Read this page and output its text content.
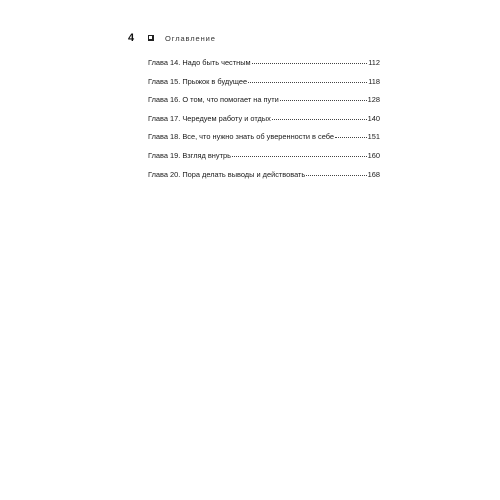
4	Оглавление
Глава 14. Надо быть честным	112
Глава 15. Прыжок в будущее	118
Глава 16. О том, что помогает на пути	128
Глава 17. Чередуем работу и отдых	140
Глава 18. Все, что нужно знать об уверенности в себе	151
Глава 19. Взгляд внутрь	160
Глава 20. Пора делать выводы и действовать	168
